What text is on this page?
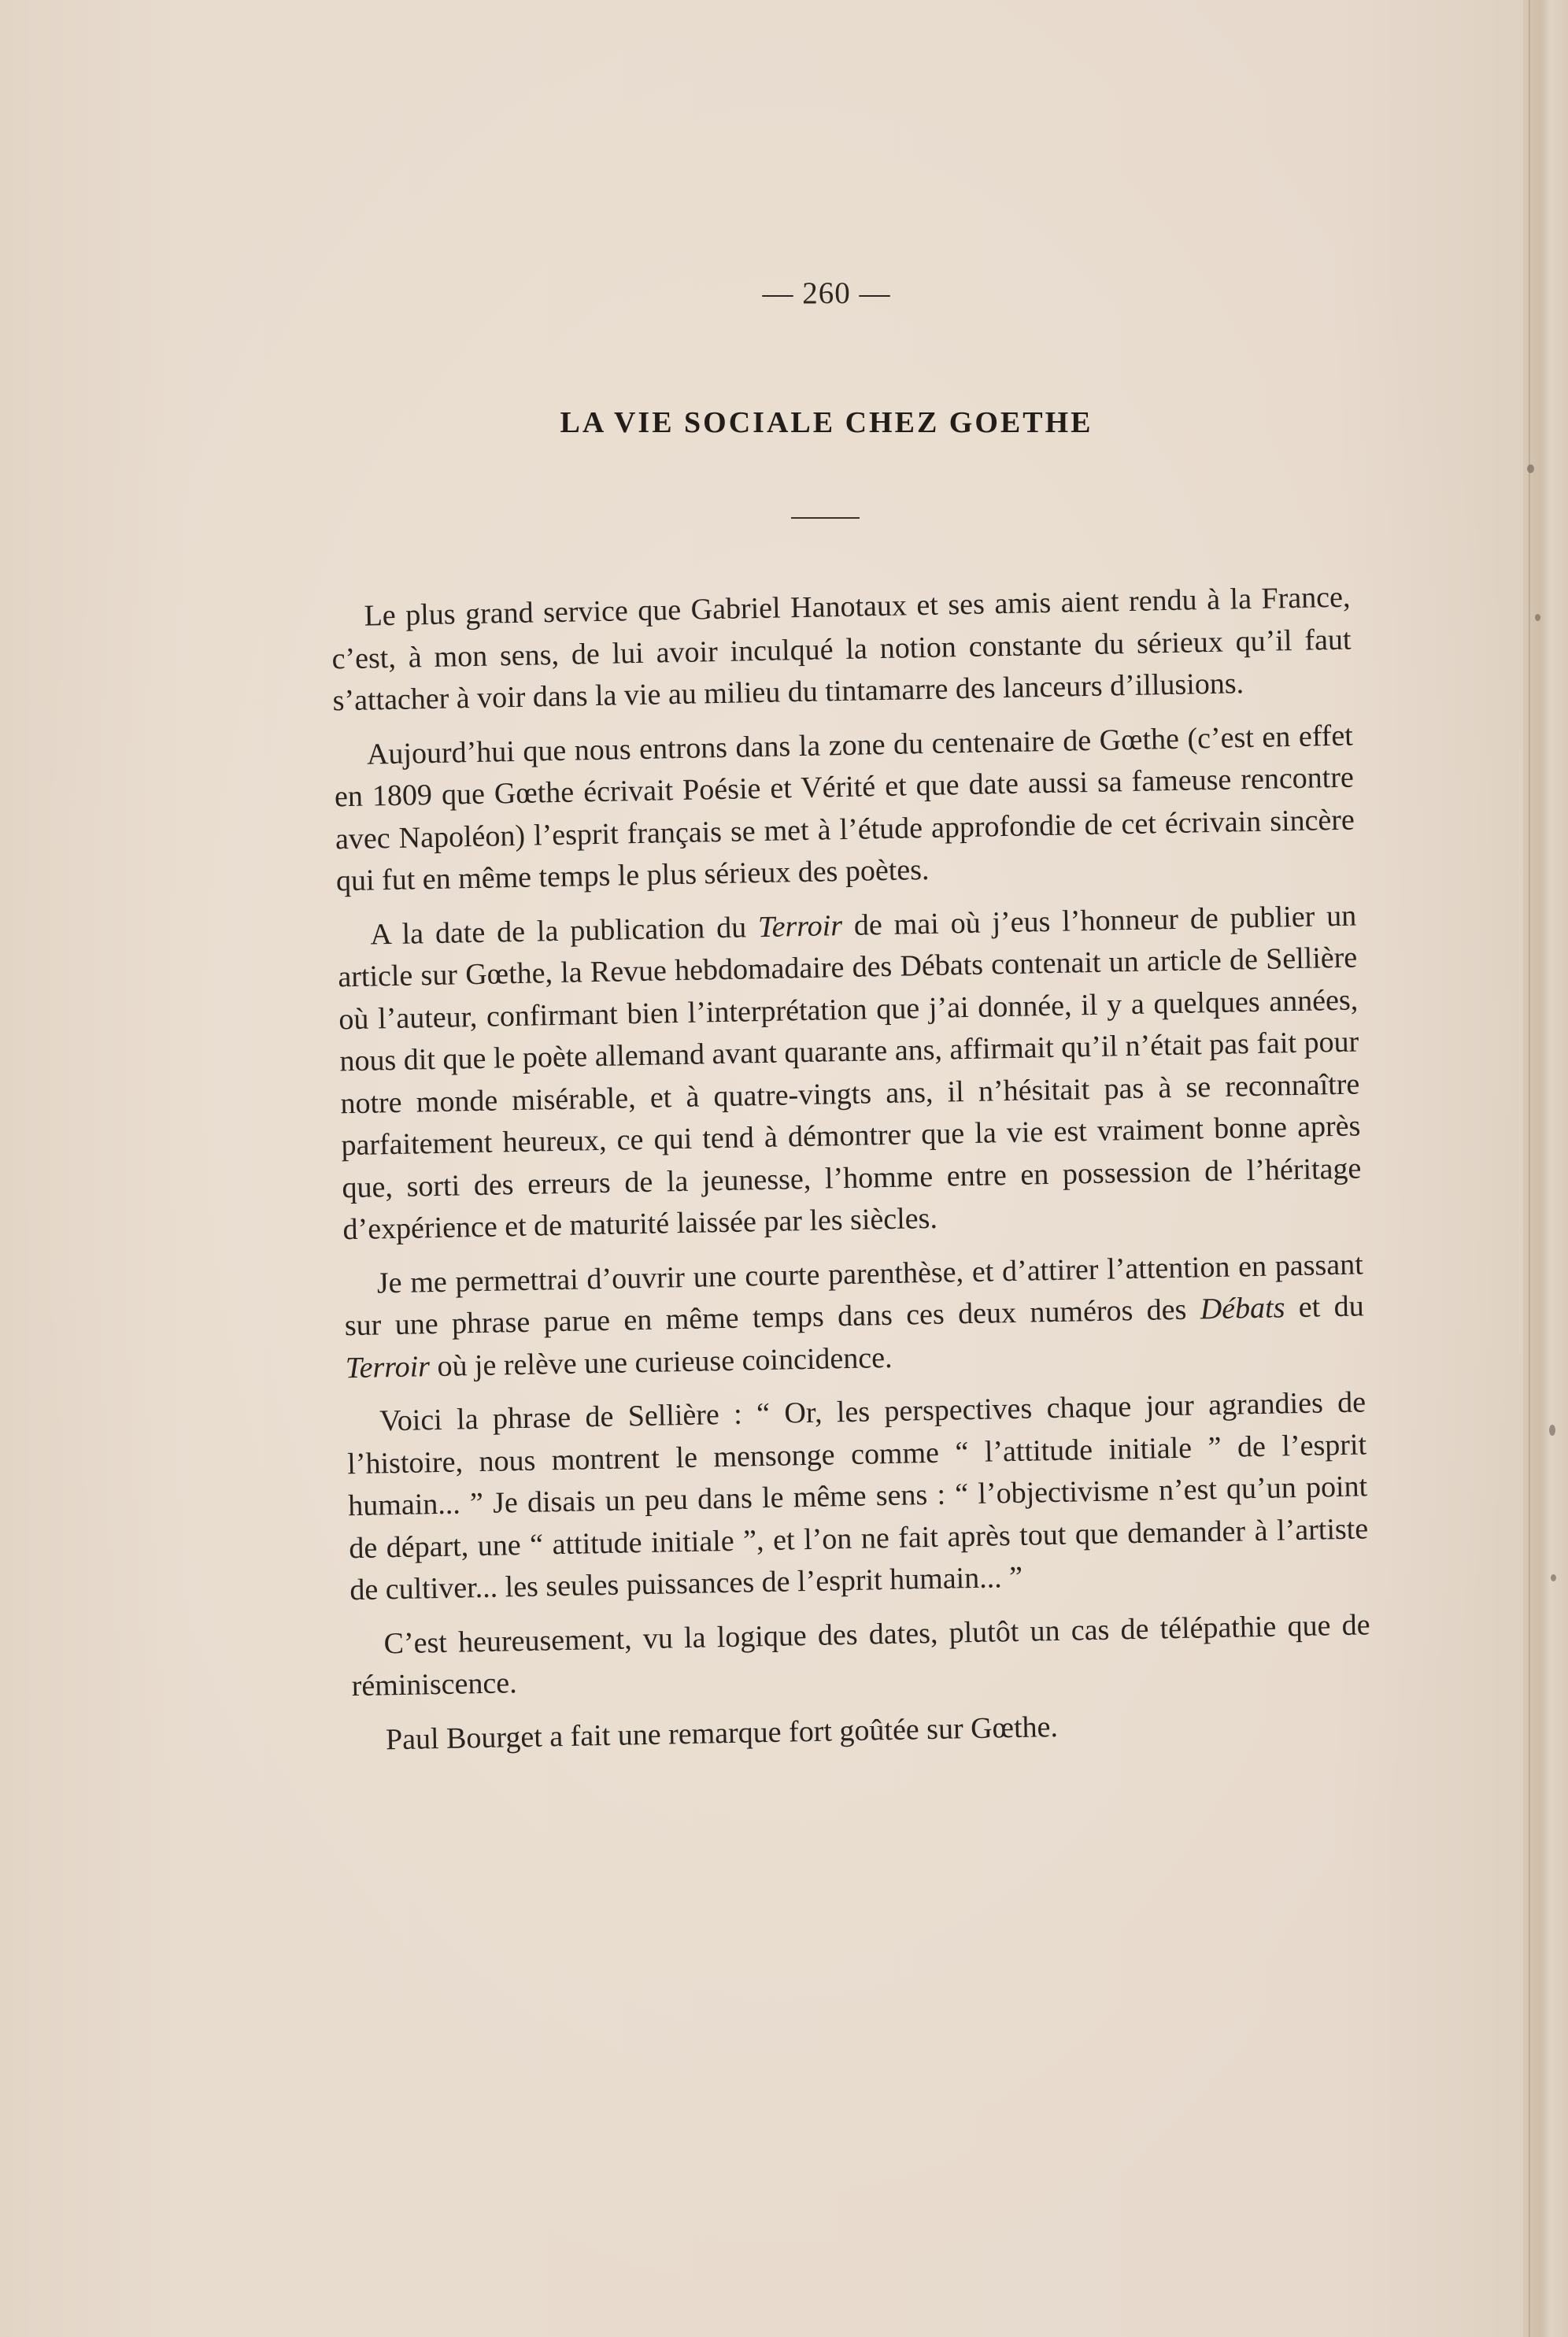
— 260 —
LA VIE SOCIALE CHEZ GOETHE

Le plus grand service que Gabriel Hanotaux et ses amis aient rendu à la France, c’est, à mon sens, de lui avoir inculqué la notion constante du sérieux qu’il faut s’attacher à voir dans la vie au milieu du tintamarre des lanceurs d’illusions.

Aujourd’hui que nous entrons dans la zone du centenaire de Gœthe (c’est en effet en 1809 que Gœthe écrivait Poésie et Vérité et que date aussi sa fameuse rencontre avec Napoléon) l’esprit français se met à l’étude approfondie de cet écrivain sincère qui fut en même temps le plus sérieux des poètes.

A la date de la publication du Terroir de mai où j’eus l’honneur de publier un article sur Gœthe, la Revue hebdomadaire des Débats contenait un article de Sellière où l’auteur, confirmant bien l’interprétation que j’ai donnée, il y a quelques années, nous dit que le poète allemand avant quarante ans, affirmait qu’il n’était pas fait pour notre monde misérable, et à quatre-vingts ans, il n’hésitait pas à se reconnaître parfaitement heureux, ce qui tend à démontrer que la vie est vraiment bonne après que, sorti des erreurs de la jeunesse, l’homme entre en possession de l’héritage d’expérience et de maturité laissée par les siècles.

Je me permettrai d’ouvrir une courte parenthèse, et d’attirer l’attention en passant sur une phrase parue en même temps dans ces deux numéros des Débats et du Terroir où je relève une curieuse coincidence.

Voici la phrase de Sellière : “ Or, les perspectives chaque jour agrandies de l’histoire, nous montrent le mensonge comme “ l’attitude initiale ” de l’esprit humain... ” Je disais un peu dans le même sens : “ l’objectivisme n’est qu’un point de départ, une “ attitude initiale ”, et l’on ne fait après tout que demander à l’artiste de cultiver... les seules puissances de l’esprit humain... ”

C’est heureusement, vu la logique des dates, plutôt un cas de télépathie que de réminiscence.

Paul Bourget a fait une remarque fort goûtée sur Gœthe.
